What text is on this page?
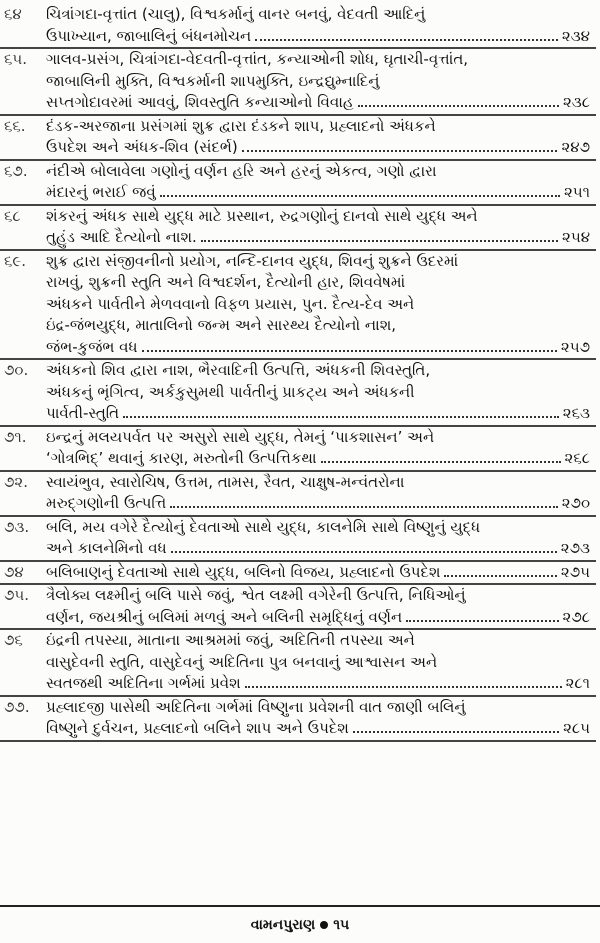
૬૪	ચિત્રાંગદા-વૃત્તાંત (ચાલુ), વિશ્વકર્માનું વાનર બનવું, વેદવતી આદિનું
ઉપાખ્યાન, જાબાલિનું બંધનમોચન	૨૩૪
૬૫.	ગાલવ-પ્રસંગ, ચિત્રાંગદા-વેદવતી-વૃત્તાંત, કન્યાઓની શોધ, ઘૃતાચી-વૃત્તાંત,
જાબાલિની મુક્તિ, વિશ્વકર્માની શાપમુક્તિ, ઇન્દ્રદ્યુમ્નાદિનું
સપ્તગોદાવરમાં આવવું, શિવસ્તુતિ કન્યાઓનો વિવાહ	૨૩૮
૬૬.	દંડક-અરજાના પ્રસંગમાં શુક્ર દ્વારા દંડકને શાપ, પ્રહ્લાદનો અંધકને
ઉપદેશ અને અંધક-શિવ (સંદર્ભ)	૨૪૭
૬૭.	નંદીએ બોલાવેલા ગણોનું વર્ણન હરિ અને હરનું એકત્વ, ગણો દ્વારા
મંદારનું ભરાઈ જવું	૨૫૧
૬૮	શંકરનું અંધક સાથે યુદ્ધ માટે પ્રસ્થાન, રુદ્રગણોનું દાનવો સાથે યુદ્ધ અને
તુહુંડ આદિ દૈત્યોનો નાશ.	૨૫૪
૬૯.	શુક્ર દ્વારા સંજીવનીનો પ્રયોગ, નન્દિ-દાનવ યુદ્ધ, શિવનું શુક્રને ઉદરમાં
રાખવું, શુક્રની સ્તુતિ અને વિશ્વદર્શન, દૈત્યોની હાર, શિવવેષમાં
અંધકને પાર્વતીને મેળવવાનો વિફળ પ્રયાસ, પુન. દૈત્ય-દેવ અને
ઇંદ્ર-જંભયુદ્ધ, માતાલિનો જન્મ અને સારથ્ય દૈત્યોનો નાશ,
જંભ-કુજંભ વધ	૨૫૭
૭૦.	અંધકનો શિવ દ્વારા નાશ, ભૈરવાદિની ઉત્પત્તિ, અંધકની શિવસ્તુતિ,
અંધકનું ભૃંગિત્વ, અર્કકુસુમથી પાર્વતીનું પ્રાકટ્ય અને અંધકની
પાર્વતી-સ્તુતિ	૨૬૩
૭૧.	ઇન્દ્રનું મલયપર્વત પર અસુરો સાથે યુદ્ધ, તેમનું ‘પાકશાસન’ અને
‘ગોત્રભિદ્’ થવાનું કારણ, મરુતોની ઉત્પત્તિકથા	૨૬૮
૭૨.	સ્વાયંભુવ, સ્વારોચિષ, ઉત્તમ, તામસ, રૈવત, ચાક્ષુષ-મન્વંતરોના
મરુદ્ગણોની ઉત્પત્તિ	૨૭૦
૭૩.	બલિ, મય વગેરે દૈત્યોનું દેવતાઓ સાથે યુદ્ધ, કાલનેમિ સાથે વિષ્ણુનું યુદ્ધ
અને કાલનેમિનો વધ	૨૭૩
૭૪	બલિબાણનું દેવતાઓ સાથે યુદ્ધ, બલિનો વિજય, પ્રહ્લાદનો ઉપદેશ	૨૭૫
૭૫.	ત્રૈલોક્ય લક્ષ્મીનું બલિ પાસે જવું, શ્વેત લક્ષ્મી વગેરેની ઉત્પત્તિ, નિધિઓનું
વર્ણન, જયશ્રીનું બલિમાં મળવું અને બલિની સમૃદ્ધિનું વર્ણન	૨૭૮
૭૬	ઇંદ્રની તપસ્યા, માતાના આશ્રમમાં જવું, અદિતિની તપસ્યા અને
વાસુદેવની સ્તુતિ, વાસુદેવનું અદિતિના પુત્ર બનવાનું આશ્વાસન અને
સ્વતજથી અદિતિના ગર્ભમાં પ્રવેશ	૨૮૧
૭૭.	પ્રહ્લાદજી પાસેથી અદિતિના ગર્ભમાં વિષ્ણુના પ્રવેશની વાત જાણી બલિનું
વિષ્ણુને દુર્વચન, પ્રહ્લાદનો બલિને શાપ અને ઉપદેશ	૨૮૫
વામનપુરાણ ૧૫
